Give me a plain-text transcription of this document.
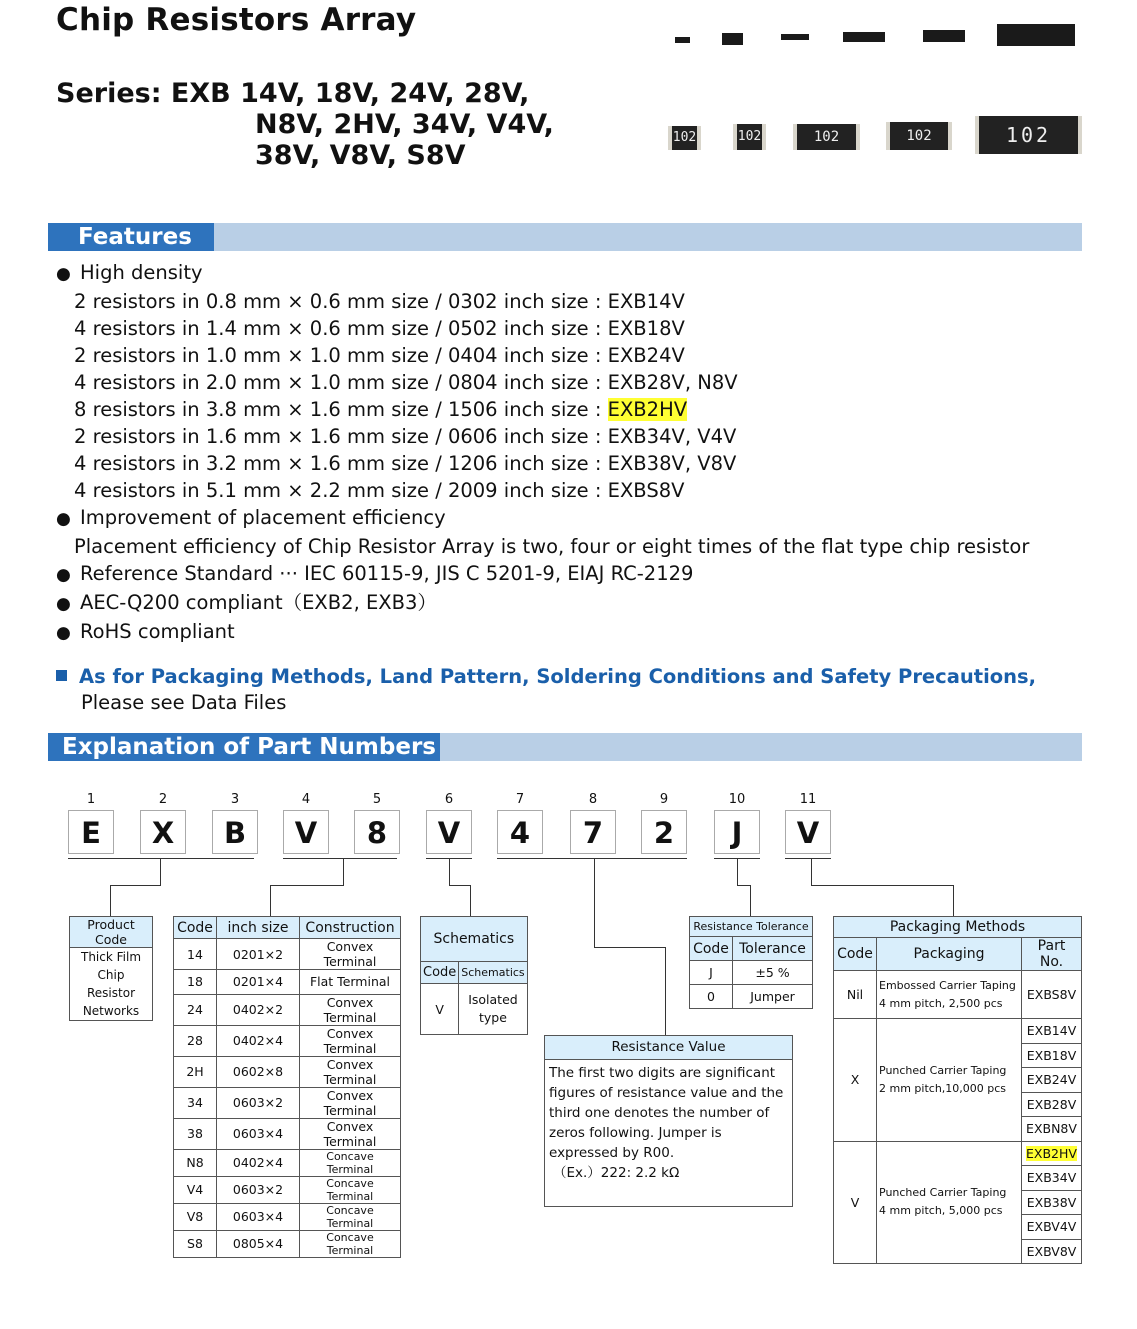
Chip Resistors Array
Series: EXB 14V, 18V, 24V, 28V,
N8V, 2HV, 34V, V4V,
38V, V8V, S8V
102	102	102	102	102
Features
● High density
2 resistors in 0.8 mm × 0.6 mm size / 0302 inch size : EXB14V
4 resistors in 1.4 mm × 0.6 mm size / 0502 inch size : EXB18V
2 resistors in 1.0 mm × 1.0 mm size / 0404 inch size : EXB24V
4 resistors in 2.0 mm × 1.0 mm size / 0804 inch size : EXB28V, N8V
8 resistors in 3.8 mm × 1.6 mm size / 1506 inch size : EXB2HV
2 resistors in 1.6 mm × 1.6 mm size / 0606 inch size : EXB34V, V4V
4 resistors in 3.2 mm × 1.6 mm size / 1206 inch size : EXB38V, V8V
4 resistors in 5.1 mm × 2.2 mm size / 2009 inch size : EXBS8V
● Improvement of placement efficiency
Placement efficiency of Chip Resistor Array is two, four or eight times of the flat type chip resistor
● Reference Standard ··· IEC 60115-9, JIS C 5201-9, EIAJ RC-2129
● AEC-Q200 compliant（EXB2, EXB3）
● RoHS compliant
As for Packaging Methods, Land Pattern, Soldering Conditions and Safety Precautions,
Please see Data Files
Explanation of Part Numbers
1	2	3	4	5	6	7	8	9	10	11
E	X	B	V	8	V	4	7	2	J	V
Product Code

Thick Film
Chip Resistor
Networks
Code	inch size	Construction
14	0201×2	Convex Terminal
18	0201×4	Flat Terminal
24	0402×2	Convex Terminal
28	0402×4	Convex Terminal
2H	0602×8	Convex Terminal
34	0603×2	Convex Terminal
38	0603×4	Convex Terminal
N8	0402×4	Concave Terminal
V4	0603×2	Concave Terminal
V8	0603×4	Concave Terminal
S8	0805×4	Concave Terminal
Schematics	
Code	Schematics
V	Isolated
type
Resistance Tolerance	
Code	Tolerance
J	±5 %
0	Jumper
Resistance Value
The first two digits are significant
figures of resistance value and the
third one denotes the number of
zeros following. Jumper is
expressed by R00.
（Ex.）222: 2.2 kΩ
Packaging Methods		
Code	Packaging	Part No.
Nil	Embossed Carrier Taping
4 mm pitch, 2,500 pcs	EXBS8V
X	Punched Carrier Taping
2 mm pitch,10,000 pcs	EXB14V
		EXB18V
		EXB24V
		EXB28V
		EXBN8V
V	Punched Carrier Taping
4 mm pitch, 5,000 pcs	EXB2HV
		EXB34V
		EXB38V
		EXBV4V
		EXBV8V
